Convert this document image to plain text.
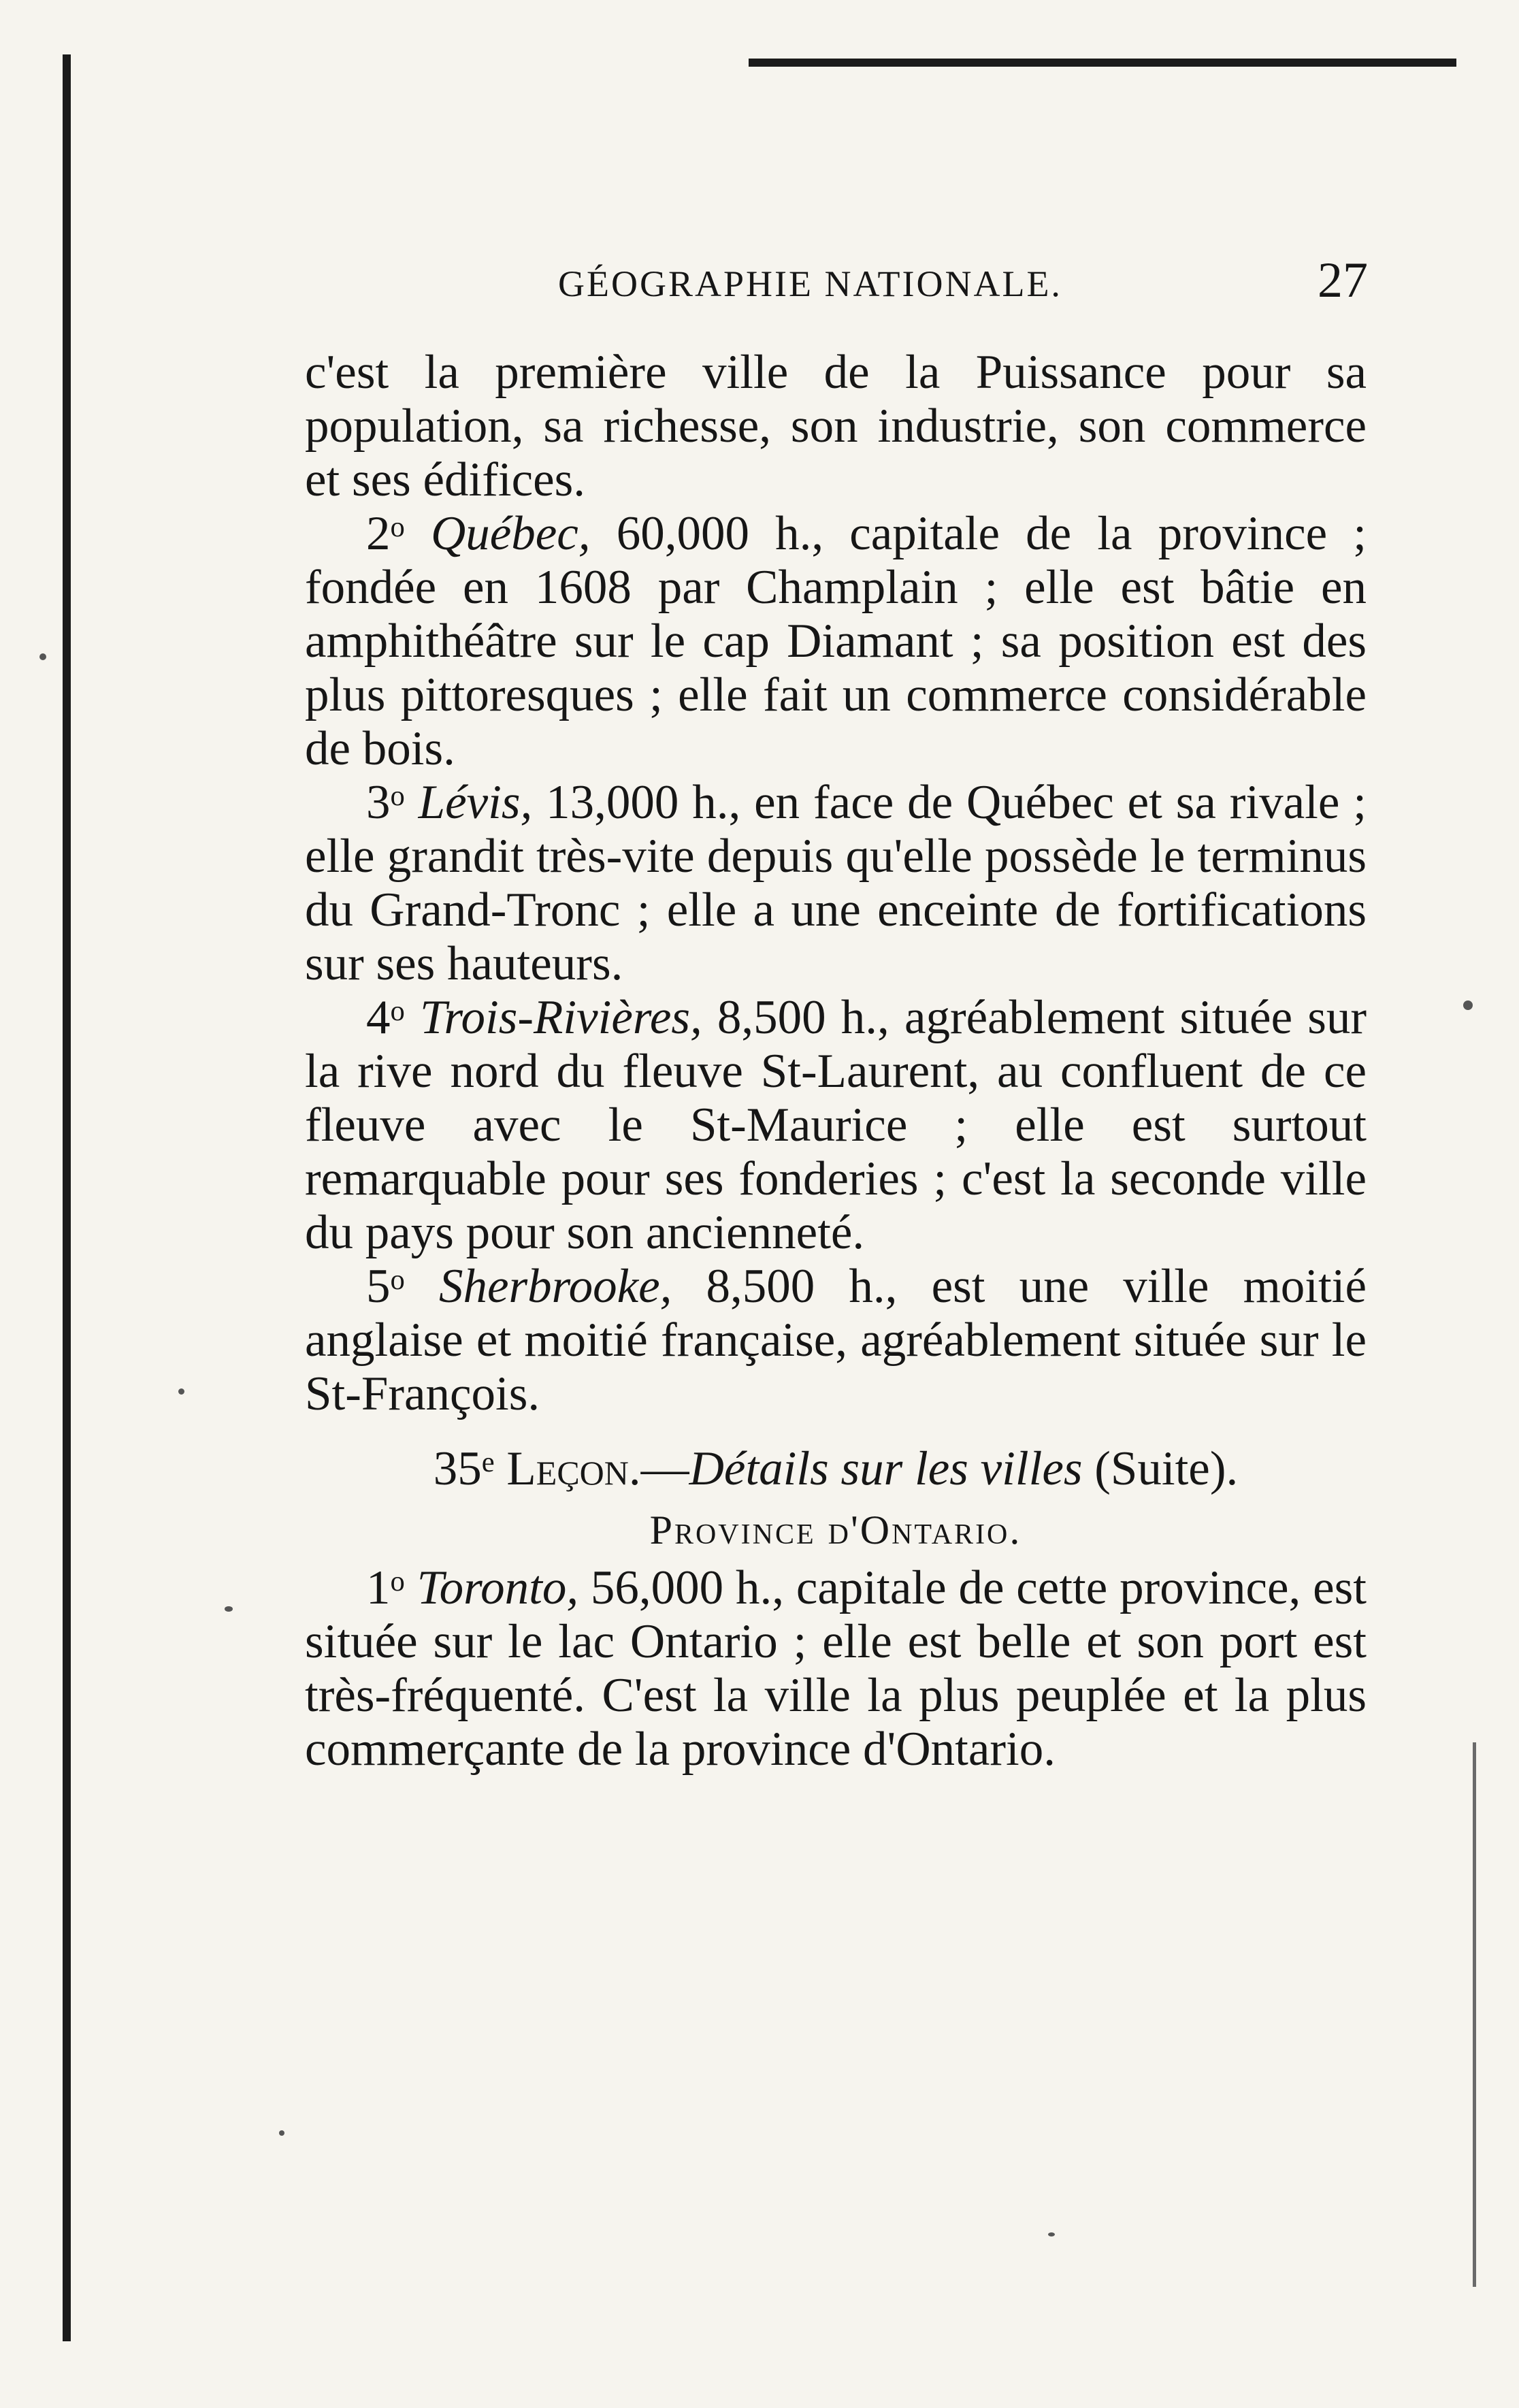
GÉOGRAPHIE NATIONALE.	27

c'est la première ville de la Puissance pour sa population, sa richesse, son industrie, son commerce et ses édifices.

2$^o$ Québec, 60,000 h., capitale de la province ; fondée en 1608 par Champlain ; elle est bâtie en amphithéâtre sur le cap Diamant ; sa position est des plus pittoresques ; elle fait un commerce considérable de bois.

3$^o$ Lévis, 13,000 h., en face de Québec et sa rivale ; elle grandit très-vite depuis qu'elle possède le terminus du Grand-Tronc ; elle a une enceinte de fortifications sur ses hauteurs.

4$^o$ Trois-Rivières, 8,500 h., agréablement située sur la rive nord du fleuve St-Laurent, au confluent de ce fleuve avec le St-Maurice ; elle est surtout remarquable pour ses fonderies ; c'est la seconde ville du pays pour son ancienneté.

5$^o$ Sherbrooke, 8,500 h., est une ville moitié anglaise et moitié française, agréablement située sur le St-François.

35e Leçon.—Détails sur les villes (Suite).

Province d'Ontario.

1$^o$ Toronto, 56,000 h., capitale de cette province, est située sur le lac Ontario ; elle est belle et son port est très-fréquenté. C'est la ville la plus peuplée et la plus commerçante de la province d'Ontario.
